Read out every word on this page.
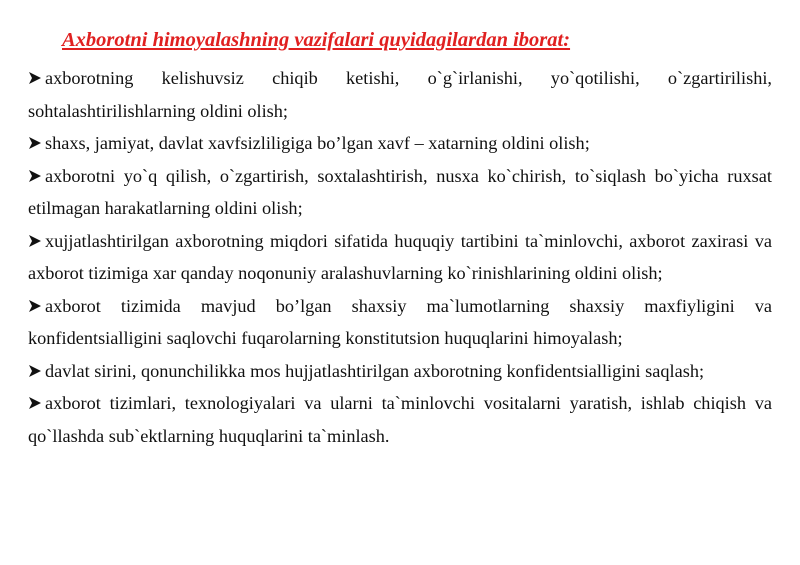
Axborotni himoyalashning vazifalari quyidagilardan iborat:
axborotning kelishuvsiz chiqib ketishi, o`g`irlanishi, yo`qotilishi, o`zgartirilishi, sohtalashtirilishlarning oldini olish;
shaxs, jamiyat, davlat xavfsizliligiga bo’lgan xavf – xatarning oldini olish;
axborotni yo`q qilish, o`zgartirish, soxtalashtirish, nusxa ko`chirish, to`siqlash bo`yicha ruxsat etilmagan harakatlarning oldini olish;
xujjatlashtirilgan axborotning miqdori sifatida huquqiy tartibini ta`minlovchi, axborot zaxirasi va axborot tizimiga xar qanday noqonuniy aralashuvlarning ko`rinishlarining oldini olish;
axborot tizimida mavjud bo’lgan shaxsiy ma`lumotlarning shaxsiy maxfiyligini va konfidentsialligini saqlovchi fuqarolarning konstitutsion huquqlarini himoyalash;
davlat sirini, qonunchilikka mos hujjatlashtirilgan axborotning konfidentsialligini saqlash;
axborot tizimlari, texnologiyalari va ularni ta`minlovchi vositalarni yaratish, ishlab chiqish va qo`llashda sub`ektlarning huquqlarini ta`minlash.
